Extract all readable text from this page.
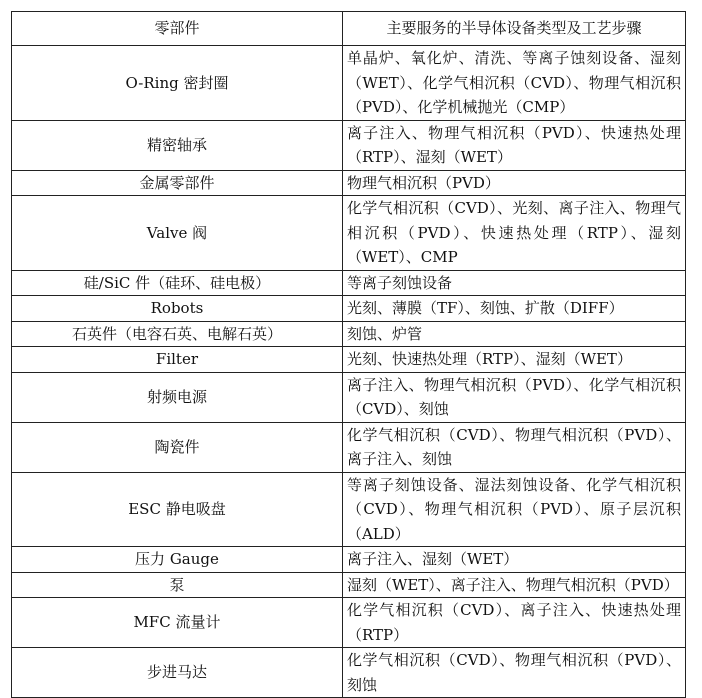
零部件	主要服务的半导体设备类型及工艺步骤
O-Ring 密封圈	单晶炉、氧化炉、清洗、等离子蚀刻设备、湿刻（WET）、化学气相沉积（CVD）、物理气相沉积（PVD）、化学机械抛光（CMP）
精密轴承	离子注入、物理气相沉积（PVD）、快速热处理（RTP）、湿刻（WET）
金属零部件	物理气相沉积（PVD）
Valve 阀	化学气相沉积（CVD）、光刻、离子注入、物理气相沉积（PVD）、快速热处理（RTP）、湿刻（WET）、CMP
硅/SiC 件（硅环、硅电极）	等离子刻蚀设备
Robots	光刻、薄膜（TF）、刻蚀、扩散（DIFF）
石英件（电容石英、电解石英）	刻蚀、炉管
Filter	光刻、快速热处理（RTP）、湿刻（WET）
射频电源	离子注入、物理气相沉积（PVD）、化学气相沉积（CVD）、刻蚀
陶瓷件	化学气相沉积（CVD）、物理气相沉积（PVD）、离子注入、刻蚀
ESC 静电吸盘	等离子刻蚀设备、湿法刻蚀设备、化学气相沉积（CVD）、物理气相沉积（PVD）、原子层沉积（ALD）
压力 Gauge	离子注入、湿刻（WET）
泵	湿刻（WET）、离子注入、物理气相沉积（PVD）
MFC 流量计	化学气相沉积（CVD）、离子注入、快速热处理（RTP）
步进马达	化学气相沉积（CVD）、物理气相沉积（PVD）、刻蚀
